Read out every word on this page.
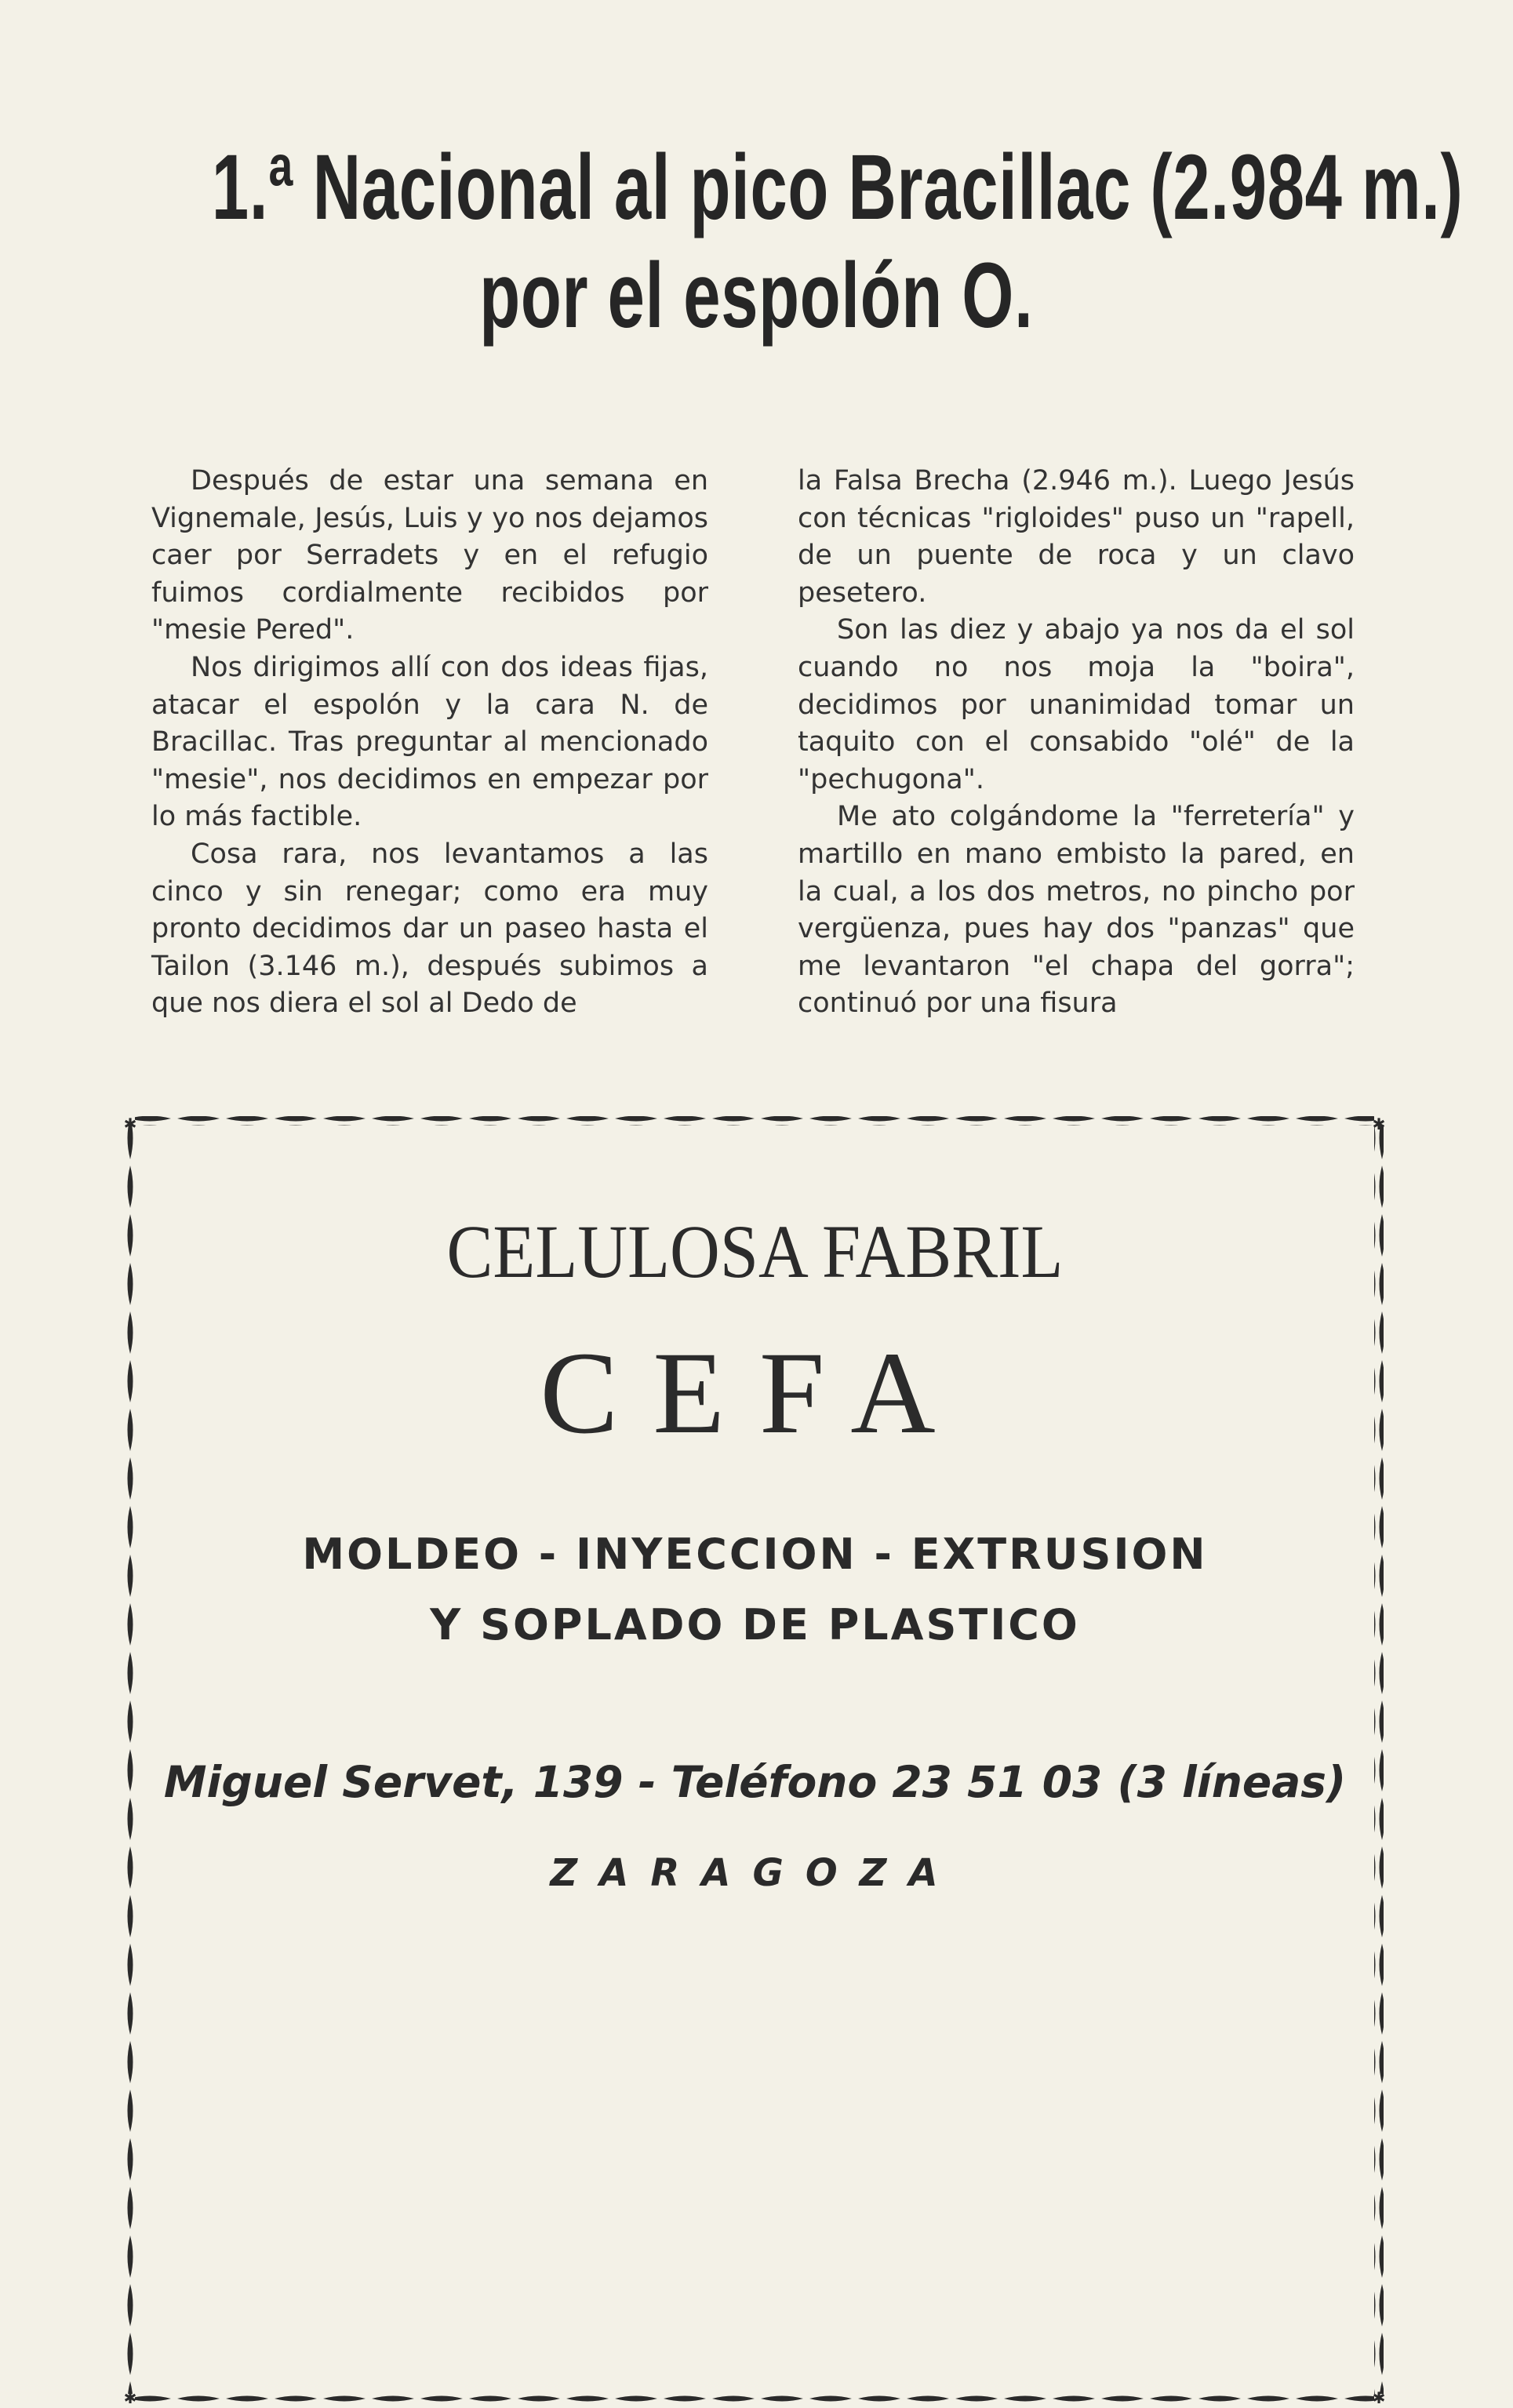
1.ª Nacional al pico Bracillac (2.984 m.)
por el espolón O.

Después de estar una semana en Vignemale, Jesús, Luis y yo nos dejamos caer por Serradets y en el refugio fuimos cordialmente recibidos por "mesie Pered".

Nos dirigimos allí con dos ideas fijas, atacar el espolón y la cara N. de Bracillac. Tras preguntar al mencionado "mesie", nos decidimos en empezar por lo más factible.

Cosa rara, nos levantamos a las cinco y sin renegar; como era muy pronto decidimos dar un paseo hasta el Tailon (3.146 m.), después subimos a que nos diera el sol al Dedo de

la Falsa Brecha (2.946 m.). Luego Jesús con técnicas "rigloides" puso un "rapell, de un puente de roca y un clavo pesetero.

Son las diez y abajo ya nos da el sol cuando no nos moja la "boira", decidimos por unanimidad tomar un taquito con el consabido "olé" de la "pechugona".

Me ato colgándome la "ferretería" y martillo en mano embisto la pared, en la cual, a los dos metros, no pincho por vergüenza, pues hay dos "panzas" que me levantaron "el chapa del gorra"; continuó por una fisura

✱	✱
✱	✱
CELULOSA FABRIL
CEFA
MOLDEO - INYECCION - EXTRUSION
Y SOPLADO DE PLASTICO
Miguel Servet, 139 - Teléfono 23 51 03 (3 líneas)
ZARAGOZA
